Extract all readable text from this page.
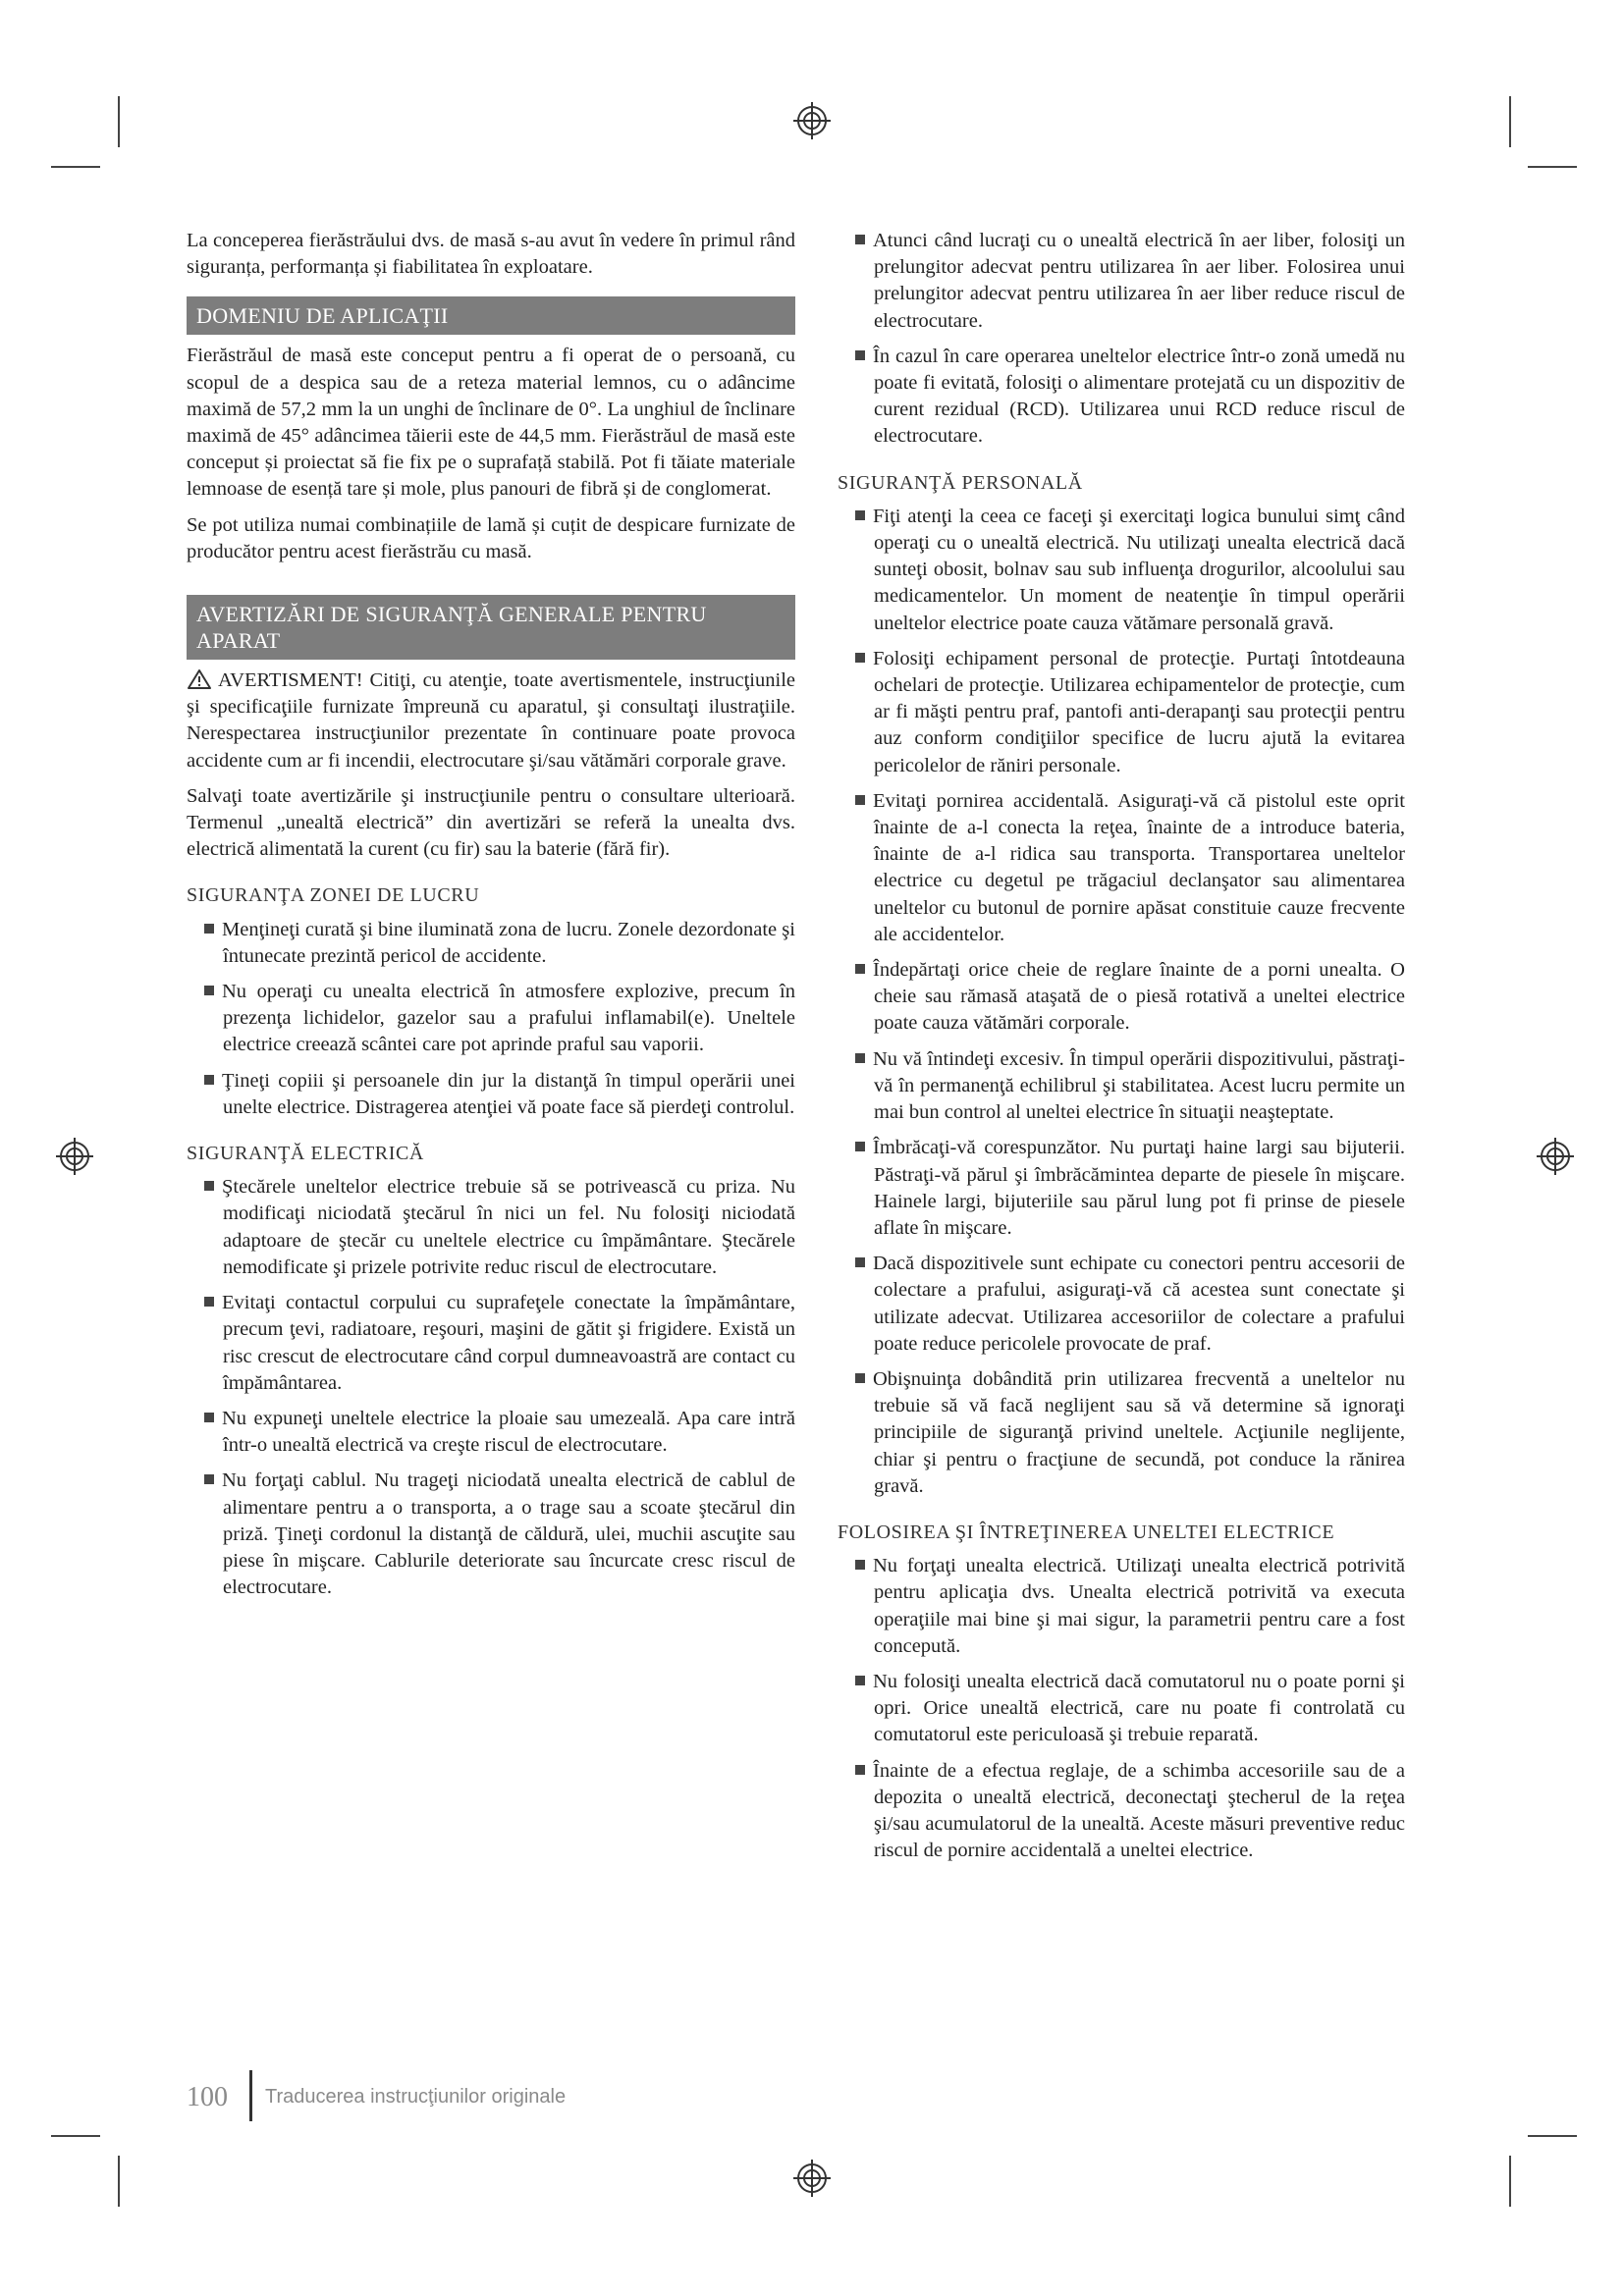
La conceperea fierăstrăului dvs. de masă s-au avut în vedere în primul rând siguranța, performanța și fiabilitatea în exploatare.

DOMENIU DE APLICAŢII

Fierăstrăul de masă este conceput pentru a fi operat de o persoană, cu scopul de a despica sau de a reteza material lemnos, cu o adâncime maximă de 57,2 mm la un unghi de înclinare de 0°. La unghiul de înclinare maximă de 45° adâncimea tăierii este de 44,5 mm. Fierăstrăul de masă este conceput și proiectat să fie fix pe o suprafață stabilă. Pot fi tăiate materiale lemnoase de esență tare și mole, plus panouri de fibră și de conglomerat.

Se pot utiliza numai combinațiile de lamă și cuțit de despicare furnizate de producător pentru acest fierăstrău cu masă.

AVERTIZĂRI DE SIGURANŢĂ GENERALE PENTRU APARAT
AVERTISMENT! Citiţi, cu atenţie, toate avertismentele, instrucţiunile şi specificaţiile furnizate împreună cu aparatul, şi consultaţi ilustraţiile. Nerespectarea instrucţiunilor prezentate în continuare poate provoca accidente cum ar fi incendii, electrocutare şi/sau vătămări corporale grave.

Salvaţi toate avertizările şi instrucţiunile pentru o consultare ulterioară. Termenul „unealtă electrică” din avertizări se referă la unealta dvs. electrică alimentată la curent (cu fir) sau la baterie (fără fir).

SIGURANŢA ZONEI DE LUCRU
Menţineţi curată şi bine iluminată zona de lucru. Zonele dezordonate şi întunecate prezintă pericol de accidente.
Nu operaţi cu unealta electrică în atmosfere explozive, precum în prezenţa lichidelor, gazelor sau a prafului inflamabil(e). Uneltele electrice creează scântei care pot aprinde praful sau vaporii.
Ţineţi copiii şi persoanele din jur la distanţă în timpul operării unei unelte electrice. Distragerea atenţiei vă poate face să pierdeţi controlul.
SIGURANŢĂ ELECTRICĂ
Ştecărele uneltelor electrice trebuie să se potrivească cu priza. Nu modificaţi niciodată ştecărul în nici un fel. Nu folosiţi niciodată adaptoare de ştecăr cu uneltele electrice cu împământare. Ştecărele nemodificate şi prizele potrivite reduc riscul de electrocutare.
Evitaţi contactul corpului cu suprafeţele conectate la împământare, precum ţevi, radiatoare, reşouri, maşini de gătit şi frigidere. Există un risc crescut de electrocutare când corpul dumneavoastră are contact cu împământarea.
Nu expuneţi uneltele electrice la ploaie sau umezeală. Apa care intră într-o unealtă electrică va creşte riscul de electrocutare.
Nu forţaţi cablul. Nu trageţi niciodată unealta electrică de cablul de alimentare pentru a o transporta, a o trage sau a scoate ştecărul din priză. Ţineţi cordonul la distanţă de căldură, ulei, muchii ascuţite sau piese în mişcare. Cablurile deteriorate sau încurcate cresc riscul de electrocutare.
Atunci când lucraţi cu o unealtă electrică în aer liber, folosiţi un prelungitor adecvat pentru utilizarea în aer liber. Folosirea unui prelungitor adecvat pentru utilizarea în aer liber reduce riscul de electrocutare.
În cazul în care operarea uneltelor electrice într-o zonă umedă nu poate fi evitată, folosiţi o alimentare protejată cu un dispozitiv de curent rezidual (RCD). Utilizarea unui RCD reduce riscul de electrocutare.
SIGURANŢĂ PERSONALĂ
Fiţi atenţi la ceea ce faceţi şi exercitaţi logica bunului simţ când operaţi cu o unealtă electrică. Nu utilizaţi unealta electrică dacă sunteţi obosit, bolnav sau sub influenţa drogurilor, alcoolului sau medicamentelor. Un moment de neatenţie în timpul operării uneltelor electrice poate cauza vătămare personală gravă.
Folosiţi echipament personal de protecţie. Purtaţi întotdeauna ochelari de protecţie. Utilizarea echipamentelor de protecţie, cum ar fi măşti pentru praf, pantofi anti-derapanţi sau protecţii pentru auz conform condiţiilor specifice de lucru ajută la evitarea pericolelor de răniri personale.
Evitaţi pornirea accidentală. Asiguraţi-vă că pistolul este oprit înainte de a-l conecta la reţea, înainte de a introduce bateria, înainte de a-l ridica sau transporta. Transportarea uneltelor electrice cu degetul pe trăgaciul declanşator sau alimentarea uneltelor cu butonul de pornire apăsat constituie cauze frecvente ale accidentelor.
Îndepărtaţi orice cheie de reglare înainte de a porni unealta. O cheie sau rămasă ataşată de o piesă rotativă a uneltei electrice poate cauza vătămări corporale.
Nu vă întindeţi excesiv. În timpul operării dispozitivului, păstraţi-vă în permanenţă echilibrul şi stabilitatea. Acest lucru permite un mai bun control al uneltei electrice în situaţii neaşteptate.
Îmbrăcaţi-vă corespunzător. Nu purtaţi haine largi sau bijuterii. Păstraţi-vă părul şi îmbrăcămintea departe de piesele în mişcare. Hainele largi, bijuteriile sau părul lung pot fi prinse de piesele aflate în mişcare.
Dacă dispozitivele sunt echipate cu conectori pentru accesorii de colectare a prafului, asiguraţi-vă că acestea sunt conectate şi utilizate adecvat. Utilizarea accesoriilor de colectare a prafului poate reduce pericolele provocate de praf.
Obişnuinţa dobândită prin utilizarea frecventă a uneltelor nu trebuie să vă facă neglijent sau să vă determine să ignoraţi principiile de siguranţă privind uneltele. Acţiunile neglijente, chiar şi pentru o fracţiune de secundă, pot conduce la rănirea gravă.
FOLOSIREA ŞI ÎNTREŢINEREA UNELTEI ELECTRICE
Nu forţaţi unealta electrică. Utilizaţi unealta electrică potrivită pentru aplicaţia dvs. Unealta electrică potrivită va executa operaţiile mai bine şi mai sigur, la parametrii pentru care a fost concepută.
Nu folosiţi unealta electrică dacă comutatorul nu o poate porni şi opri. Orice unealtă electrică, care nu poate fi controlată cu comutatorul este periculoasă şi trebuie reparată.
Înainte de a efectua reglaje, de a schimba accesoriile sau de a depozita o unealtă electrică, deconectaţi ştecherul de la reţea şi/sau acumulatorul de la unealtă. Aceste măsuri preventive reduc riscul de pornire accidentală a uneltei electrice.
100 Traducerea instrucţiunilor originale
